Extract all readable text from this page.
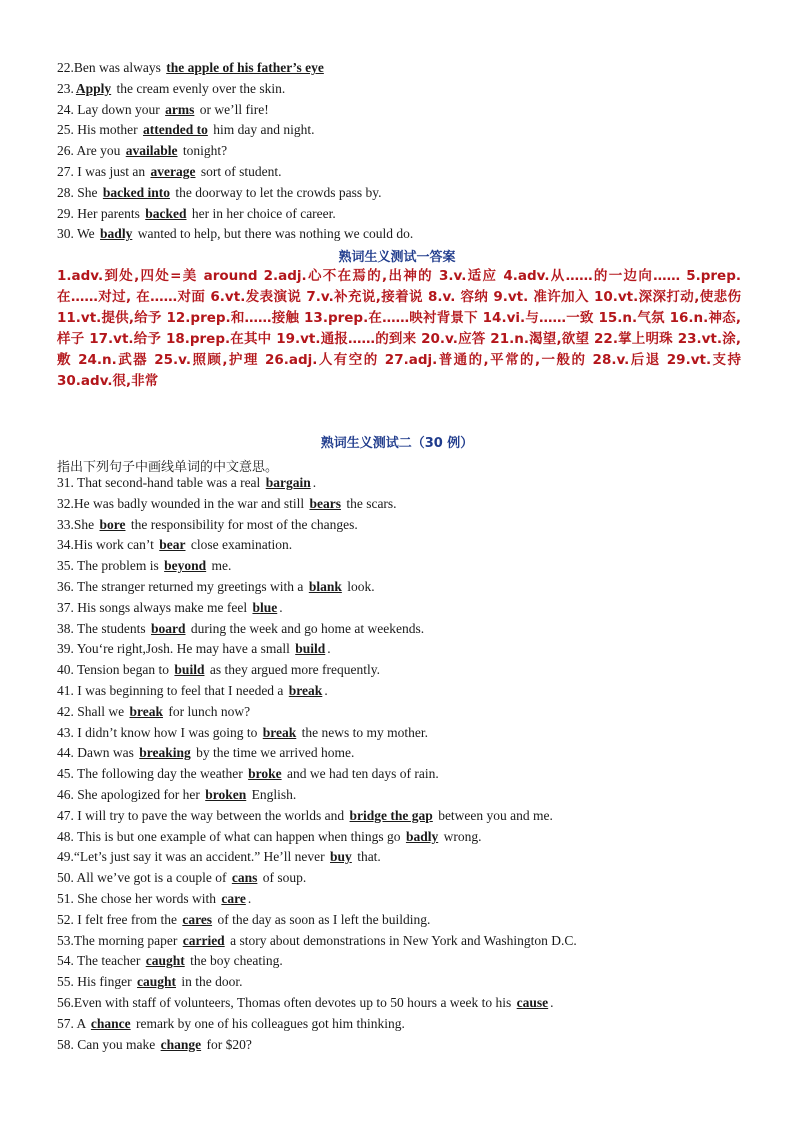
22.Ben was always the apple of his father’s eye
23. Apply the cream evenly over the skin.
24. Lay down your arms or we’ll fire!
25. His mother attended to him day and night.
26. Are you available tonight?
27. I was just an average sort of student.
28. She backed into the doorway to let the crowds pass by.
29. Her parents backed her in her choice of career.
30. We badly wanted to help, but there was nothing we could do.
熟词生义测试一答案
1.adv.到处,四处=美 around 2.adj.心不在焉的,出神的 3.v.适应 4.adv.从……的一边向…… 5.prep. 在……对过, 在……对面 6.vt.发表演说 7.v.补充说,接着说 8.v. 容纳 9.vt. 准许加入 10.vt.深深打动,使悲伤 11.vt.提供,给予 12.prep.和……接触 13.prep.在……映衬背景下 14.vi.与……一致 15.n.气氛 16.n.神态,样子 17.vt.给予 18.prep.在其中 19.vt.通报……的到来 20.v.应答 21.n.渴望,欲望 22.掌上明珠 23.vt.涂,敷 24.n.武器 25.v.照顾,护理 26.adj.人有空的 27.adj.普通的,平常的,一般的 28.v.后退 29.vt.支持 30.adv.很,非常
熟词生义测试二（30 例）
指出下列句子中画线单词的中文意思。
31. That second-hand table was a real bargain .
32.He was badly wounded in the war and still bears the scars.
33.She bore the responsibility for most of the changes.
34.His work can’t bear close examination.
35. The problem is beyond me.
36. The stranger returned my greetings with a blank look.
37. His songs always make me feel blue .
38. The students board during the week and go home at weekends.
39. You‘re right,Josh. He may have a small build .
40. Tension began to build as they argued more frequently.
41. I was beginning to feel that I needed a break .
42. Shall we break for lunch now?
43. I didn’t know how I was going to break the news to my mother.
44. Dawn was breaking by the time we arrived home.
45. The following day the weather broke and we had ten days of rain.
46. She apologized for her broken English.
47. I will try to pave the way between the worlds and bridge the gap between you and me.
48. This is but one example of what can happen when things go badly wrong.
49.“Let’s just say it was an accident.” He’ll never buy that.
50. All we’ve got is a couple of cans of soup.
51. She chose her words with care .
52. I felt free from the cares of the day as soon as I left the building.
53.The morning paper carried a story about demonstrations in New York and Washington D.C.
54. The teacher caught the boy cheating.
55. His finger caught in the door.
56.Even with staff of volunteers, Thomas often devotes up to 50 hours a week to his cause .
57. A chance remark by one of his colleagues got him thinking.
58. Can you make change for $20?
